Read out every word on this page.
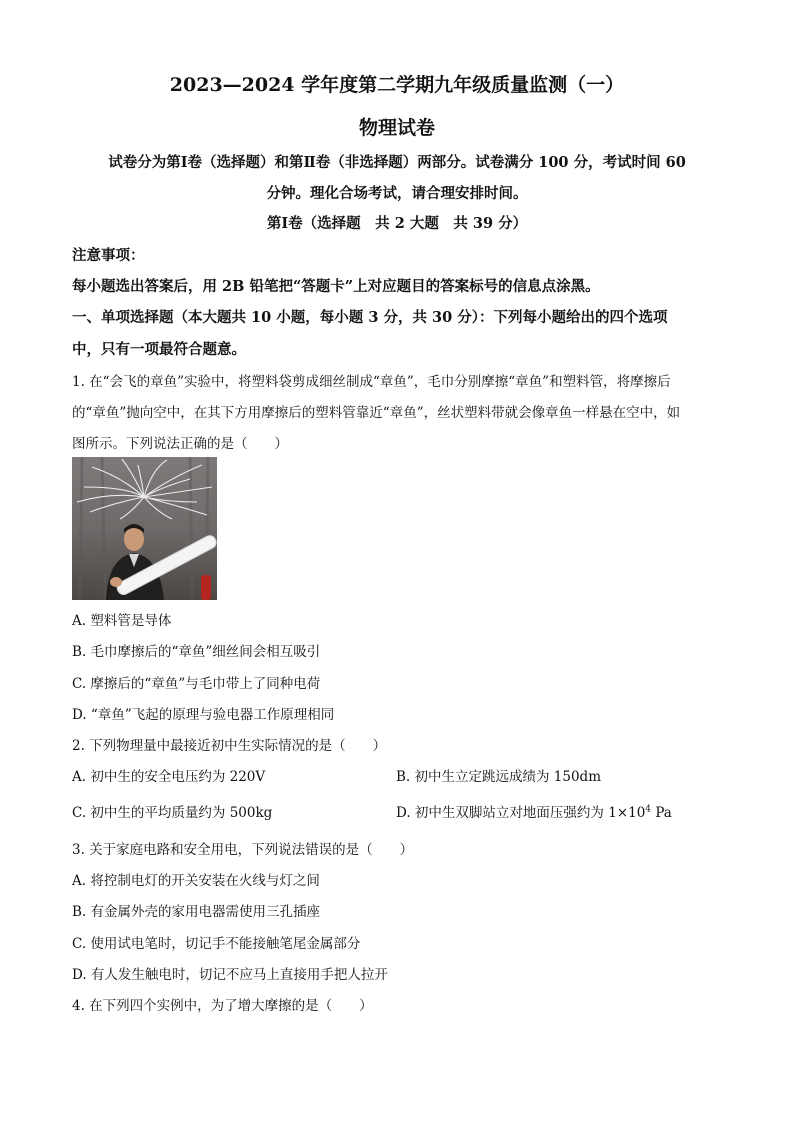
2023—2024 学年度第二学期九年级质量监测（一）
物理试卷
试卷分为第Ⅰ卷（选择题）和第Ⅱ卷（非选择题）两部分。试卷满分 100 分，考试时间 60
分钟。理化合场考试，请合理安排时间。
第Ⅰ卷（选择题　共 2 大题　共 39 分）
注意事项：
每小题选出答案后，用 2B 铅笔把“答题卡”上对应题目的答案标号的信息点涂黑。
一、单项选择题（本大题共 10 小题，每小题 3 分，共 30 分）：下列每小题给出的四个选项
中，只有一项最符合题意。
1. 在“会飞的章鱼”实验中，将塑料袋剪成细丝制成“章鱼”，毛巾分别摩擦“章鱼”和塑料管，将摩擦后
的“章鱼”抛向空中，在其下方用摩擦后的塑料管靠近“章鱼”，丝状塑料带就会像章鱼一样悬在空中，如
图所示。下列说法正确的是（　　）
A. 塑料管是导体
B. 毛巾摩擦后的“章鱼”细丝间会相互吸引
C. 摩擦后的“章鱼”与毛巾带上了同种电荷
D. “章鱼”飞起的原理与验电器工作原理相同
2. 下列物理量中最接近初中生实际情况的是（　　）
A. 初中生的安全电压约为 220V	B. 初中生立定跳远成绩为 150dm
C. 初中生的平均质量约为 500kg	D. 初中生双脚站立对地面压强约为 $1\times 10^4$ Pa
3. 关于家庭电路和安全用电，下列说法错误的是（　　）
A. 将控制电灯的开关安装在火线与灯之间
B. 有金属外壳的家用电器需使用三孔插座
C. 使用试电笔时，切记手不能接触笔尾金属部分
D. 有人发生触电时，切记不应马上直接用手把人拉开
4. 在下列四个实例中，为了增大摩擦的是（　　）
